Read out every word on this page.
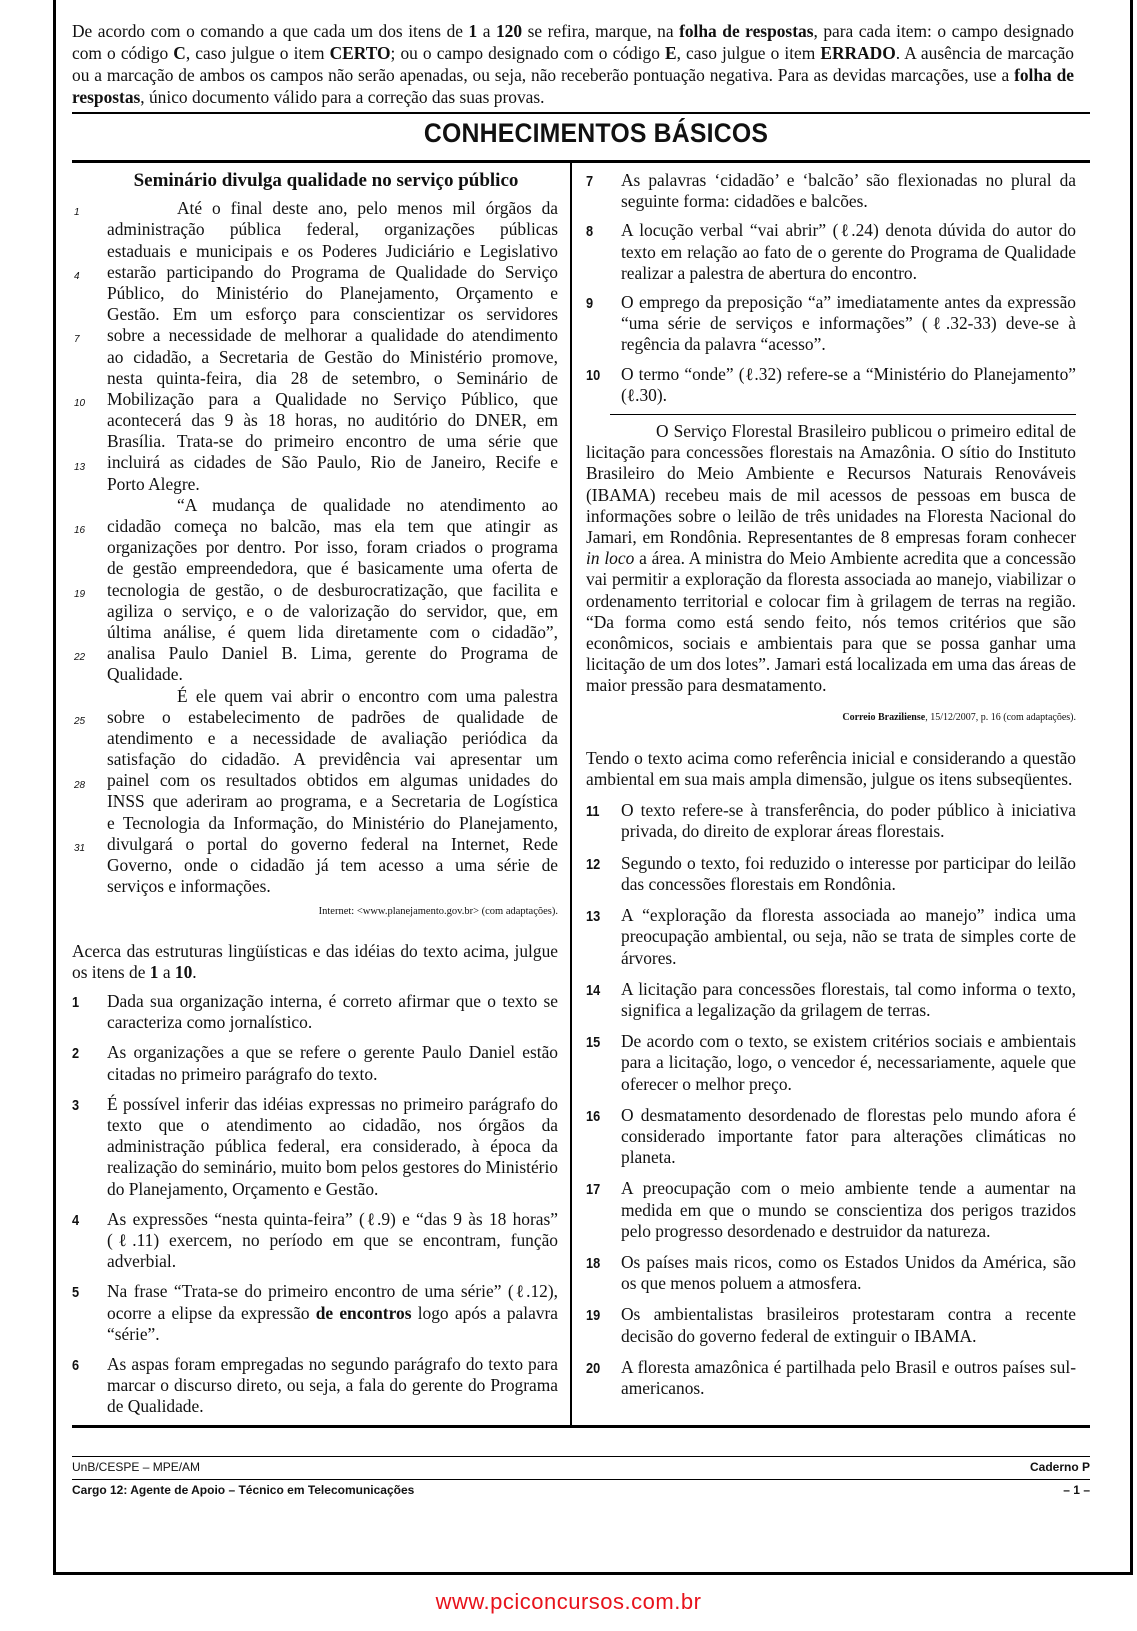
De acordo com o comando a que cada um dos itens de 1 a 120 se refira, marque, na folha de respostas, para cada item: o campo designado com o código C, caso julgue o item CERTO; ou o campo designado com o código E, caso julgue o item ERRADO. A ausência de marcação ou a marcação de ambos os campos não serão apenadas, ou seja, não receberão pontuação negativa. Para as devidas marcações, use a folha de respostas, único documento válido para a correção das suas provas.
CONHECIMENTOS BÁSICOS
Seminário divulga qualidade no serviço público
1	Até o final deste ano, pelo menos mil órgãos da
administração pública federal, organizações públicas
estaduais e municipais e os Poderes Judiciário e Legislativo
4 estarão participando do Programa de Qualidade do Serviço
Público, do Ministério do Planejamento, Orçamento e
Gestão. Em um esforço para conscientizar os servidores
7 sobre a necessidade de melhorar a qualidade do atendimento
ao cidadão, a Secretaria de Gestão do Ministério promove,
nesta quinta-feira, dia 28 de setembro, o Seminário de
10 Mobilização para a Qualidade no Serviço Público, que
acontecerá das 9 às 18 horas, no auditório do DNER, em
Brasília. Trata-se do primeiro encontro de uma série que
13 incluirá as cidades de São Paulo, Rio de Janeiro, Recife e
Porto Alegre.
“A mudança de qualidade no atendimento ao
16 cidadão começa no balcão, mas ela tem que atingir as
organizações por dentro. Por isso, foram criados o programa
de gestão empreendedora, que é basicamente uma oferta de
19 tecnologia de gestão, o de desburocratização, que facilita e
agiliza o serviço, e o de valorização do servidor, que, em
última análise, é quem lida diretamente com o cidadão”,
22 analisa Paulo Daniel B. Lima, gerente do Programa de
Qualidade.
É ele quem vai abrir o encontro com uma palestra
25 sobre o estabelecimento de padrões de qualidade de
atendimento e a necessidade de avaliação periódica da
satisfação do cidadão. A previdência vai apresentar um
28 painel com os resultados obtidos em algumas unidades do
INSS que aderiram ao programa, e a Secretaria de Logística
e Tecnologia da Informação, do Ministério do Planejamento,
31 divulgará o portal do governo federal na Internet, Rede
Governo, onde o cidadão já tem acesso a uma série de
serviços e informações.
Internet: <www.planejamento.gov.br> (com adaptações).
Acerca das estruturas lingüísticas e das idéias do texto acima, julgue os itens de 1 a 10.
1 Dada sua organização interna, é correto afirmar que o texto se caracteriza como jornalístico.
2 As organizações a que se refere o gerente Paulo Daniel estão citadas no primeiro parágrafo do texto.
3 É possível inferir das idéias expressas no primeiro parágrafo do texto que o atendimento ao cidadão, nos órgãos da administração pública federal, era considerado, à época da realização do seminário, muito bom pelos gestores do Ministério do Planejamento, Orçamento e Gestão.
4 As expressões “nesta quinta-feira” (ℓ.9) e “das 9 às 18 horas” (ℓ.11) exercem, no período em que se encontram, função adverbial.
5 Na frase “Trata-se do primeiro encontro de uma série” (ℓ.12), ocorre a elipse da expressão de encontros logo após a palavra “série”.
6 As aspas foram empregadas no segundo parágrafo do texto para marcar o discurso direto, ou seja, a fala do gerente do Programa de Qualidade.
7 As palavras ‘cidadão’ e ‘balcão’ são flexionadas no plural da seguinte forma: cidadões e balcões.
8 A locução verbal “vai abrir” (ℓ.24) denota dúvida do autor do texto em relação ao fato de o gerente do Programa de Qualidade realizar a palestra de abertura do encontro.
9 O emprego da preposição “a” imediatamente antes da expressão “uma série de serviços e informações” (ℓ.32-33) deve-se à regência da palavra “acesso”.
10 O termo “onde” (ℓ.32) refere-se a “Ministério do Planejamento” (ℓ.30).
O Serviço Florestal Brasileiro publicou o primeiro edital de licitação para concessões florestais na Amazônia. O sítio do Instituto Brasileiro do Meio Ambiente e Recursos Naturais Renováveis (IBAMA) recebeu mais de mil acessos de pessoas em busca de informações sobre o leilão de três unidades na Floresta Nacional do Jamari, em Rondônia. Representantes de 8 empresas foram conhecer in loco a área. A ministra do Meio Ambiente acredita que a concessão vai permitir a exploração da floresta associada ao manejo, viabilizar o ordenamento territorial e colocar fim à grilagem de terras na região. “Da forma como está sendo feito, nós temos critérios que são econômicos, sociais e ambientais para que se possa ganhar uma licitação de um dos lotes”. Jamari está localizada em uma das áreas de maior pressão para desmatamento.
Correio Braziliense, 15/12/2007, p. 16 (com adaptações).
Tendo o texto acima como referência inicial e considerando a questão ambiental em sua mais ampla dimensão, julgue os itens subseqüentes.
11 O texto refere-se à transferência, do poder público à iniciativa privada, do direito de explorar áreas florestais.
12 Segundo o texto, foi reduzido o interesse por participar do leilão das concessões florestais em Rondônia.
13 A “exploração da floresta associada ao manejo” indica uma preocupação ambiental, ou seja, não se trata de simples corte de árvores.
14 A licitação para concessões florestais, tal como informa o texto, significa a legalização da grilagem de terras.
15 De acordo com o texto, se existem critérios sociais e ambientais para a licitação, logo, o vencedor é, necessariamente, aquele que oferecer o melhor preço.
16 O desmatamento desordenado de florestas pelo mundo afora é considerado importante fator para alterações climáticas no planeta.
17 A preocupação com o meio ambiente tende a aumentar na medida em que o mundo se conscientiza dos perigos trazidos pelo progresso desordenado e destruidor da natureza.
18 Os países mais ricos, como os Estados Unidos da América, são os que menos poluem a atmosfera.
19 Os ambientalistas brasileiros protestaram contra a recente decisão do governo federal de extinguir o IBAMA.
20 A floresta amazônica é partilhada pelo Brasil e outros países sul-americanos.
UnB/CESPE – MPE/AM	Caderno P
Cargo 12: Agente de Apoio – Técnico em Telecomunicações	– 1 –
www.pciconcursos.com.br
